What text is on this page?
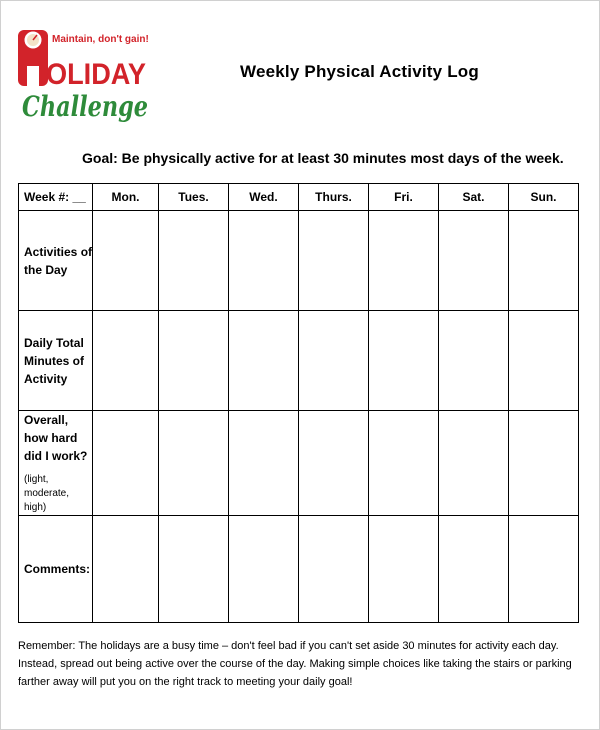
Maintain, don't gain!
OLIDAY
Challenge
Weekly Physical Activity Log
Goal: Be physically active for at least 30 minutes most days of the week.
Week #: __	Mon.	Tues.	Wed.	Thurs.	Fri.	Sat.	Sun.

Activities of
the Day							

Daily Total
Minutes of
Activity							

Overall,
how hard
did I work?
(light,
moderate, high)							

Comments:							

Remember: The holidays are a busy time – don't feel bad if you can't set aside 30 minutes for activity each day. Instead, spread out being active over the course of the day. Making simple choices like taking the stairs or parking farther away will put you on the right track to meeting your daily goal!
